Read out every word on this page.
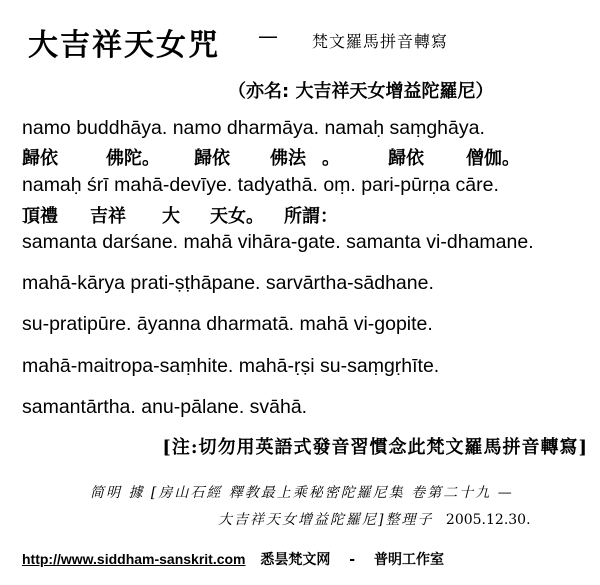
大吉祥天女咒 — 梵文羅馬拼音轉寫
（亦名: 大吉祥天女增益陀羅尼）
namo buddhāya. namo dharmāya. namaḥ saṃghāya.
歸依	佛陀。 歸依 佛法 。	歸依 僧伽。
namaḥ śrī mahā-devīye. tadyathā. oṃ. pari-pūrṇa cāre.
頂禮 吉祥 大 天女。 所謂：
samanta darśane. mahā vihāra-gate. samanta vi-dhamane.
mahā-kārya prati-ṣṭhāpane. sarvārtha-sādhane.
su-pratipūre. āyanna dharmatā. mahā vi-gopite.
mahā-maitropa-saṃhite. mahā-ṛṣi su-saṃgṛhīte.
samantārtha. anu-pālane. svāhā.
[注:切勿用英語式發音習慣念此梵文羅馬拼音轉寫]
简明 據 [房山石經 釋教最上乘秘密陀羅尼集 卷第二十九 —
大吉祥天女增益陀羅尼]整理子 2005.12.30.
http://www.siddham-sanskrit.com 悉昙梵文网 - 普明工作室
